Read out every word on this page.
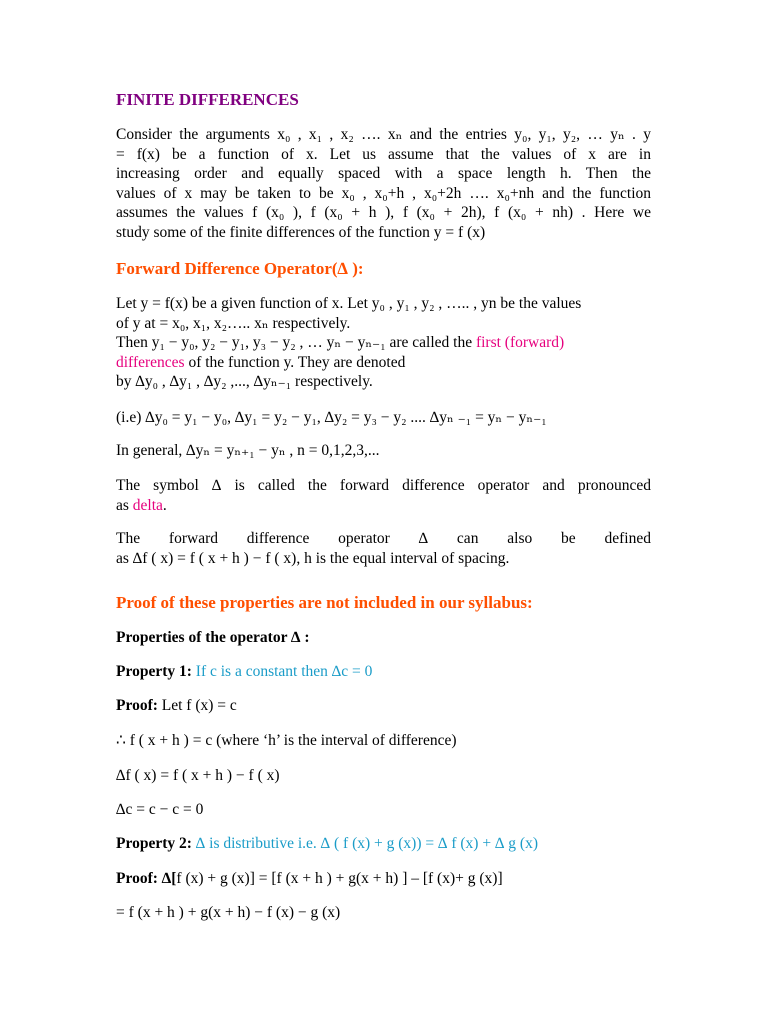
FINITE DIFFERENCES
Consider the arguments x₀ , x₁ , x₂ …. xₙ and the entries y₀, y₁, y₂, … yₙ . y
= f(x) be a function of x. Let us assume that the values of x are in
increasing order and equally spaced with a space length h. Then the
values of x may be taken to be x₀ , x₀+h , x₀+2h …. x₀+nh and the function
assumes the values f (x₀ ), f (x₀ + h ), f (x₀ + 2h), f (x₀ + nh) . Here we
study some of the finite differences of the function y = f (x)
Forward Difference Operator(∆ ):
Let y = f(x) be a given function of x. Let y₀ , y₁ , y₂ , ….. , yn be the values
of y at = x₀, x₁, x₂….. xₙ respectively.
Then y₁ − y₀, y₂ − y₁, y₃ − y₂ , … yₙ − yₙ₋₁ are called the first (forward)
differences of the function y. They are denoted
by ∆y₀ , ∆y₁ , ∆y₂ ,..., ∆yₙ₋₁ respectively.
(i.e) ∆y₀ = y₁ − y₀, ∆y₁ = y₂ − y₁, ∆y₂ = y₃ − y₂ .... ∆yₙ ₋₁ = yₙ − yₙ₋₁
In general, ∆yₙ = yₙ₊₁ − yₙ , n = 0,1,2,3,...
The symbol ∆ is called the forward difference operator and pronounced
as delta.
The forward difference operator ∆ can also be defined
as ∆f ( x) = f ( x + h ) − f ( x), h is the equal interval of spacing.
Proof of these properties are not included in our syllabus:
Properties of the operator ∆ :
Property 1: If c is a constant then ∆c = 0
Proof: Let f (x) = c
∴ f ( x + h ) = c (where ‘h’ is the interval of difference)
∆f ( x) = f ( x + h ) − f ( x)
∆c = c − c = 0
Property 2: ∆ is distributive i.e. ∆ ( f (x) + g (x)) = ∆ f (x) + ∆ g (x)
Proof: ∆[f (x) + g (x)] = [f (x + h ) + g(x + h) ] – [f (x)+ g (x)]
= f (x + h ) + g(x + h) − f (x) − g (x)
